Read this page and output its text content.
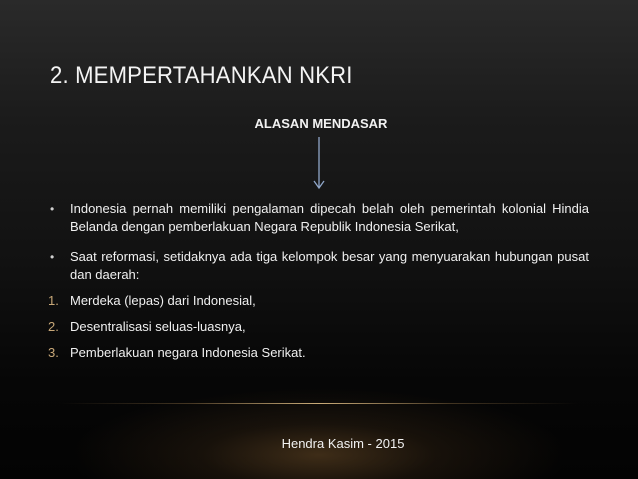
2. MEMPERTAHANKAN NKRI
ALASAN MENDASAR
•	Indonesia pernah memiliki pengalaman dipecah belah oleh pemerintah kolonial Hindia Belanda dengan pemberlakuan Negara Republik Indonesia Serikat,
•	Saat reformasi, setidaknya ada tiga kelompok besar yang menyuarakan hubungan pusat dan daerah:
1. Merdeka (lepas) dari Indonesial,
2. Desentralisasi seluas-luasnya,
3. Pemberlakuan negara Indonesia Serikat.
Hendra Kasim - 2015
